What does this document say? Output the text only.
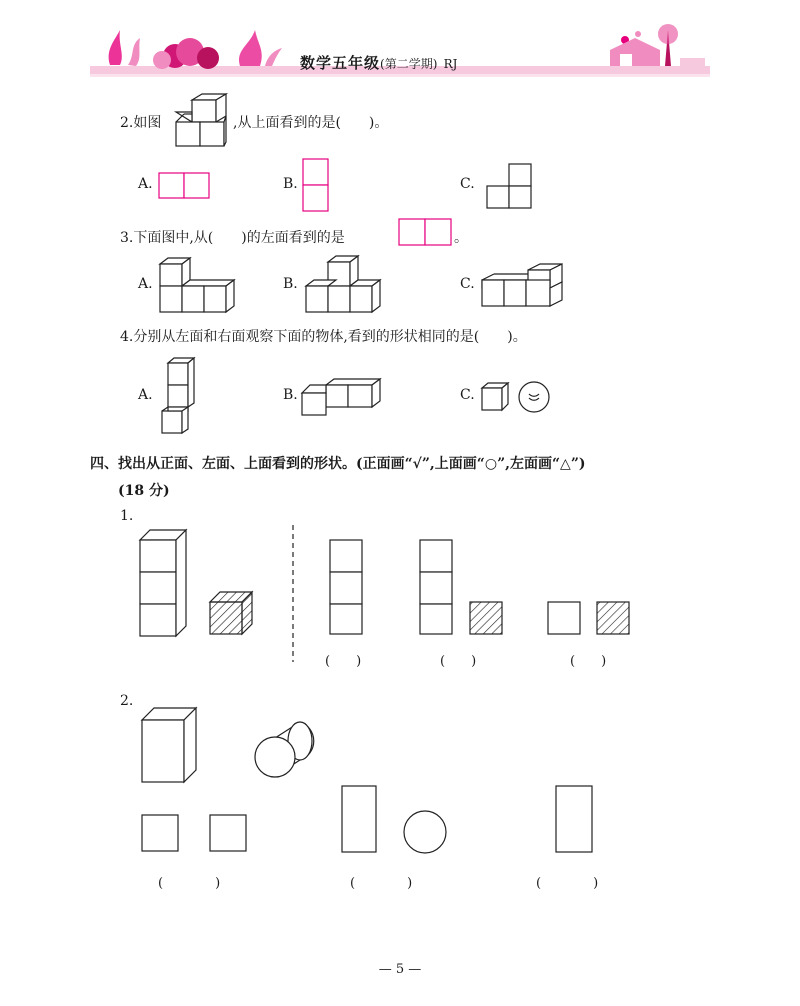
数学五年级(第二学期) RJ
2.如图	,从上面看到的是(　　)。
A.	B.	C.
3.下面图中,从(　　)的左面看到的是	。
A.	B.	C.
4.分别从左面和右面观察下面的物体,看到的形状相同的是(　　)。
A.	B.	C.
四、找出从正面、左面、上面看到的形状。(正面画“√”,上面画“○”,左面画“△”)
(18 分)
1.
(　　)	(　　)	(　　)
2.
(　　　　)	(　　　　)	(　　　　)
— 5 —
